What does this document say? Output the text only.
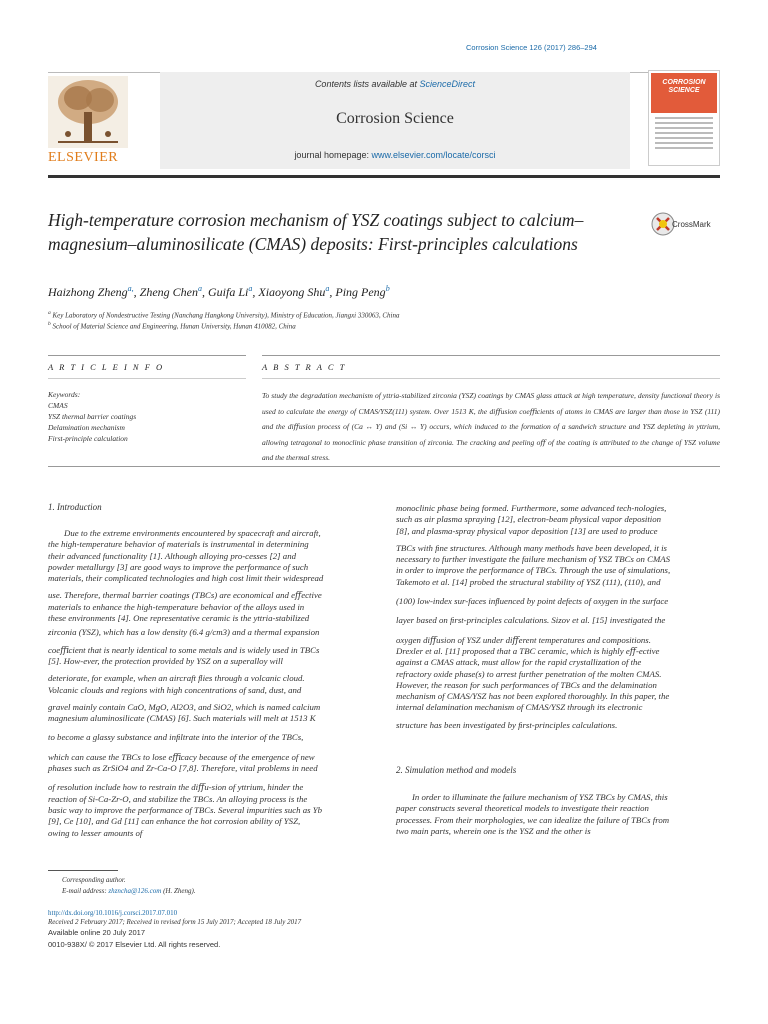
Corrosion Science 126 (2017) 286–294
ELSEVIER
Contents lists available at ScienceDirect
Corrosion Science
journal homepage: www.elsevier.com/locate/corsci
CORROSION
SCIENCE
High-temperature corrosion mechanism of YSZ coatings subject to calcium–magnesium–aluminosilicate (CMAS) deposits: First-principles calculations
CrossMark
Haizhong Zheng$^{a,}$, Zheng Chen$^a$, Guifa Li$^a$, Xiaoyong Shu$^a$, Ping Peng$^b$
$^a$ Key Laboratory of Nondestructive Testing (Nanchang Hangkong University), Ministry of Education, Jiangxi 330063, China
$^b$ School of Material Science and Engineering, Hunan University, Hunan 410082, China
A R T I C L E I N F O	A B S T R A C T
Keywords:
CMAS
YSZ thermal barrier coatings
Delamination mechanism
First-principle calculation
To study the degradation mechanism of yttria-stabilized zirconia (YSZ) coatings by CMAS glass attack at high temperature, density functional theory is used to calculate the energy of CMAS/YSZ(111) system. Over 1513 K, the diﬀusion coeﬃcients of atoms in CMAS are larger than those in YSZ (111) and the diﬀusion process of (Ca ↔ Y) and (Si ↔ Y) occurs, which induced to the formation of a sandwich structure and YSZ depleting in yttrium, allowing tetragonal to monoclinic phase transition of zirconia. The cracking and peeling oﬀ of the coating is attributed to the change of YSZ volume and the thermal stress.
1. Introduction
Due to the extreme environments encountered by spacecraft and aircraft,
the high-temperature behavior of materials is instrumental in determining
their advanced functionality [1]. Although alloying pro-cesses [2] and
powder metallurgy [3] are good ways to improve the performance of such
materials, their complicated technologies and high cost limit their widespread
use. Therefore, thermal barrier coatings (TBCs) are economical and eﬀective
materials to enhance the high-temperature behavior of the alloys used in
these environments [4]. One representative ceramic is the yttria-stabilized
zirconia (YSZ), which has a low density (6.4 g/cm3) and a thermal expansion
coeﬃcient that is nearly identical to some metals and is widely used in TBCs
[5]. How-ever, the protection provided by YSZ on a superalloy will
deteriorate, for example, when an aircraft ﬂies through a volcanic cloud.
Volcanic clouds and regions with high concentrations of sand, dust, and
gravel mainly contain CaO, MgO, Al2O3, and SiO2, which is named calcium
magnesium aluminosilicate (CMAS) [6]. Such materials will melt at 1513 K
to become a glassy substance and inﬁltrate into the interior of the TBCs,
which can cause the TBCs to lose eﬃcacy because of the emergence of new
phases such as ZrSiO4 and Zr-Ca-O [7,8]. Therefore, vital problems in need
of resolution include how to restrain the diﬀu-sion of yttrium, hinder the
reaction of Si-Ca-Zr-O, and stabilize the TBCs. An alloying process is the
basic way to improve the performance of TBCs. Several impurities such as Yb
[9], Ce [10], and Gd [11] can enhance the hot corrosion ability of YSZ,
owing to lesser amounts of
monoclinic phase being formed. Furthermore, some advanced tech-nologies,
such as air plasma spraying [12], electron-beam physical vapor deposition
[8], and plasma-spray physical vapor deposition [13] are used to produce
TBCs with ﬁne structures. Although many methods have been developed, it is
necessary to further investigate the failure mechanism of YSZ TBCs on CMAS
in order to improve the performance of TBCs. Through the use of simulations,
Takemoto et al. [14] probed the structural stability of YSZ (111), (110), and
(100) low-index sur-faces inﬂuenced by point defects of oxygen in the surface
layer based on ﬁrst-principles calculations. Sizov et al. [15] investigated the
oxygen diﬀusion of YSZ under diﬀerent temperatures and compositions.
Drexler et al. [11] proposed that a TBC ceramic, which is highly eﬀ-ective
against a CMAS attack, must allow for the rapid crystallization of the
refractory oxide phase(s) to arrest further penetration of the molten CMAS.
However, the reason for such performances of TBCs and the delamination
mechanism of CMAS/YSZ has not been explored thoroughly. In this paper, the
internal delamination mechanism of CMAS/YSZ through its electronic
structure has been investigated by ﬁrst-principles calculations.
2. Simulation method and models
In order to illuminate the failure mechanism of YSZ TBCs by CMAS, this
paper constructs several theoretical models to investigate their reaction
processes. From their morphologies, we can idealize the failure of TBCs from
two main parts, wherein one is the YSZ and the other is
Corresponding author.
E-mail address: zhzncha@126.com (H. Zheng).
http://dx.doi.org/10.1016/j.corsci.2017.07.010
Received 2 February 2017; Received in revised form 15 July 2017; Accepted 18 July 2017
Available online 20 July 2017
0010-938X/ © 2017 Elsevier Ltd. All rights reserved.
